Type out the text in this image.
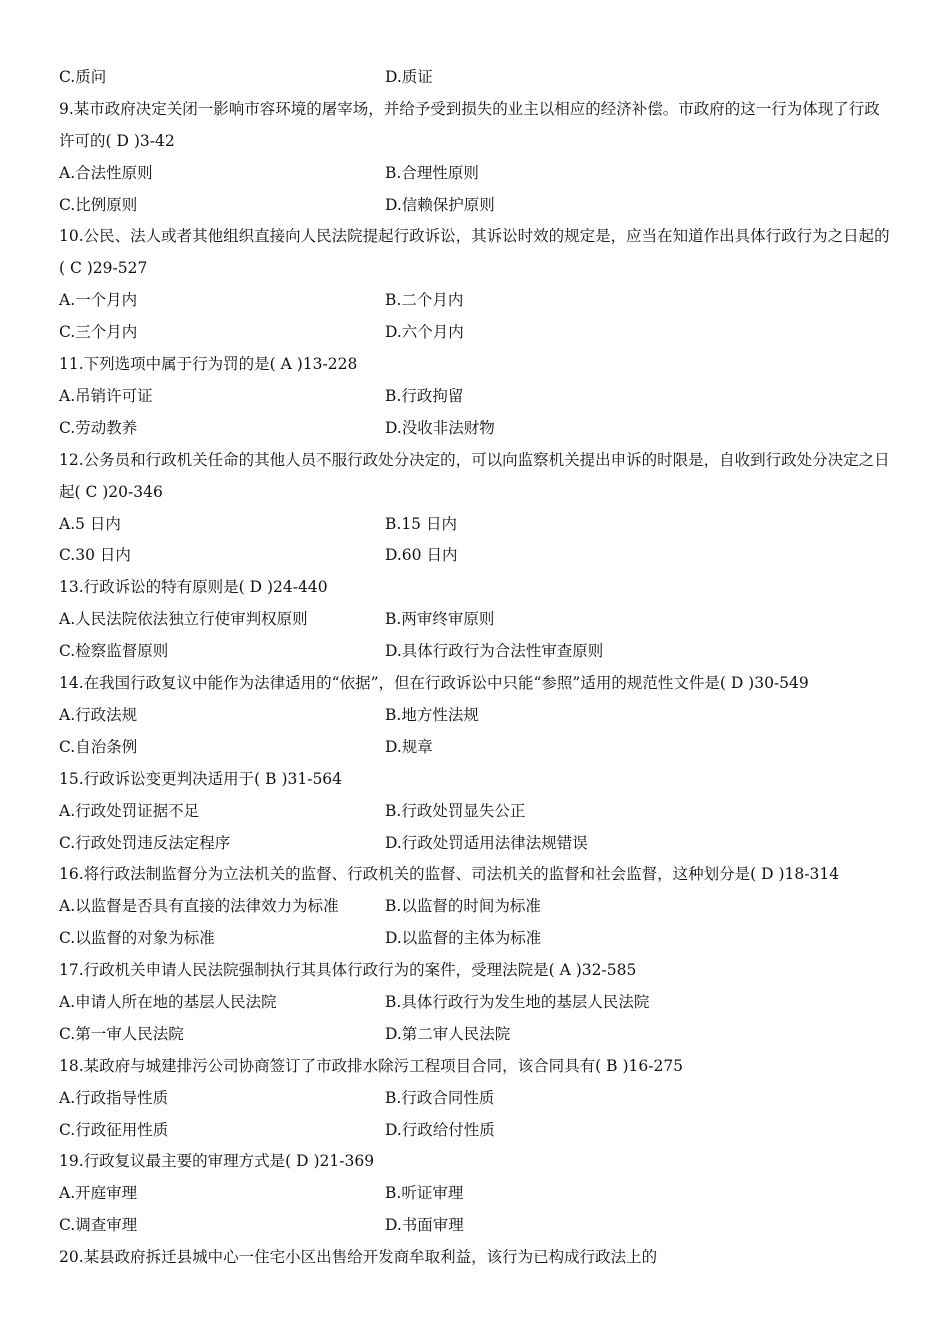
C.质问	D.质证
9.某市政府决定关闭一影响市容环境的屠宰场，并给予受到损失的业主以相应的经济补偿。市政府的这一行为体现了行政许可的( D )3-42
A.合法性原则	B.合理性原则
C.比例原则	D.信赖保护原则
10.公民、法人或者其他组织直接向人民法院提起行政诉讼，其诉讼时效的规定是，应当在知道作出具体行政行为之日起的( C )29-527
A.一个月内	B.二个月内
C.三个月内	D.六个月内
11.下列选项中属于行为罚的是( A )13-228
A.吊销许可证	B.行政拘留
C.劳动教养	D.没收非法财物
12.公务员和行政机关任命的其他人员不服行政处分决定的，可以向监察机关提出申诉的时限是，自收到行政处分决定之日起( C )20-346
A.5 日内	B.15 日内
C.30 日内	D.60 日内
13.行政诉讼的特有原则是( D )24-440
A.人民法院依法独立行使审判权原则	B.两审终审原则
C.检察监督原则	D.具体行政行为合法性审查原则
14.在我国行政复议中能作为法律适用的“依据”，但在行政诉讼中只能“参照”适用的规范性文件是( D )30-549
A.行政法规	B.地方性法规
C.自治条例	D.规章
15.行政诉讼变更判决适用于( B )31-564
A.行政处罚证据不足	B.行政处罚显失公正
C.行政处罚违反法定程序	D.行政处罚适用法律法规错误
16.将行政法制监督分为立法机关的监督、行政机关的监督、司法机关的监督和社会监督，这种划分是( D )18-314
A.以监督是否具有直接的法律效力为标准	B.以监督的时间为标准
C.以监督的对象为标准	D.以监督的主体为标准
17.行政机关申请人民法院强制执行其具体行政行为的案件，受理法院是( A )32-585
A.申请人所在地的基层人民法院	B.具体行政行为发生地的基层人民法院
C.第一审人民法院	D.第二审人民法院
18.某政府与城建排污公司协商签订了市政排水除污工程项目合同，该合同具有( B )16-275
A.行政指导性质	B.行政合同性质
C.行政征用性质	D.行政给付性质
19.行政复议最主要的审理方式是( D )21-369
A.开庭审理	B.听证审理
C.调查审理	D.书面审理
20.某县政府拆迁县城中心一住宅小区出售给开发商牟取利益，该行为已构成行政法上的
